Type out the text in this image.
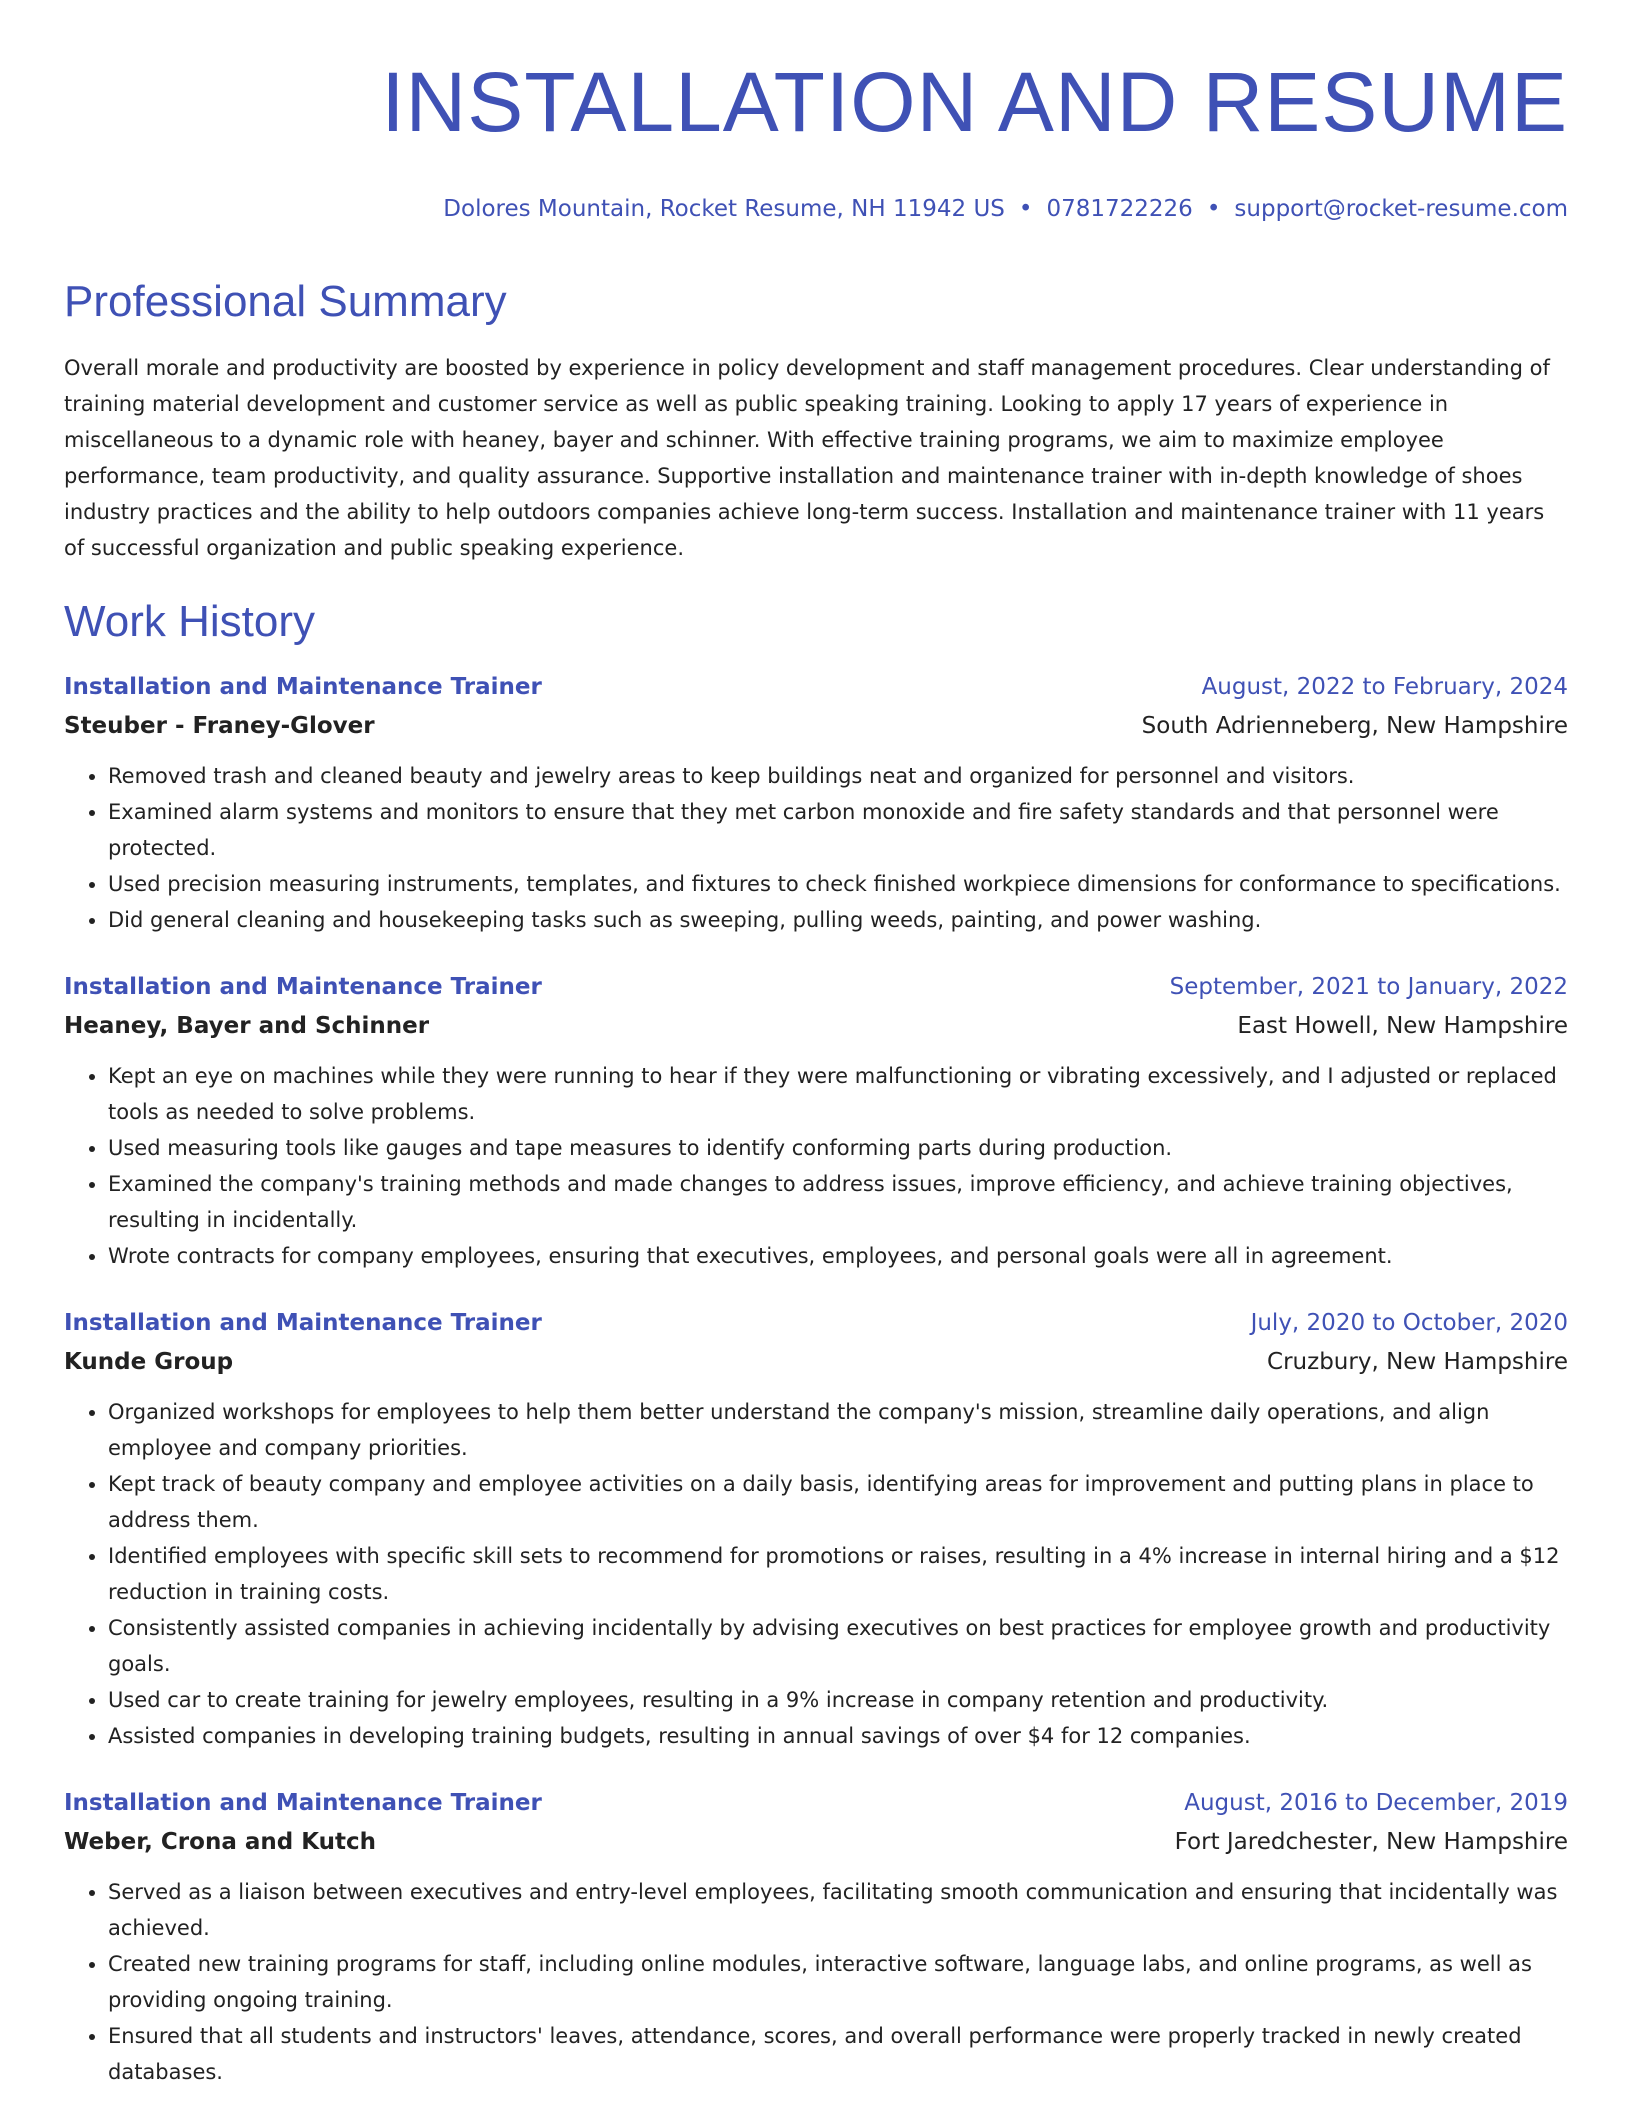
INSTALLATION AND RESUME
Dolores Mountain, Rocket Resume, NH 11942 US • 0781722226 • support@rocket-resume.com
Professional Summary

Overall morale and productivity are boosted by experience in policy development and staff management procedures. Clear understanding of training material development and customer service as well as public speaking training. Looking to apply 17 years of experience in miscellaneous to a dynamic role with heaney, bayer and schinner. With effective training programs, we aim to maximize employee performance, team productivity, and quality assurance. Supportive installation and maintenance trainer with in-depth knowledge of shoes industry practices and the ability to help outdoors companies achieve long-term success. Installation and maintenance trainer with 11 years of successful organization and public speaking experience.

Work History
Installation and Maintenance Trainer	August, 2022 to February, 2024
Steuber - Franey-Glover	South Adrienneberg, New Hampshire
• Removed trash and cleaned beauty and jewelry areas to keep buildings neat and organized for personnel and visitors.
• Examined alarm systems and monitors to ensure that they met carbon monoxide and fire safety standards and that personnel were protected.
• Used precision measuring instruments, templates, and fixtures to check finished workpiece dimensions for conformance to specifications.
• Did general cleaning and housekeeping tasks such as sweeping, pulling weeds, painting, and power washing.
Installation and Maintenance Trainer	September, 2021 to January, 2022
Heaney, Bayer and Schinner	East Howell, New Hampshire
• Kept an eye on machines while they were running to hear if they were malfunctioning or vibrating excessively, and I adjusted or replaced tools as needed to solve problems.
• Used measuring tools like gauges and tape measures to identify conforming parts during production.
• Examined the company's training methods and made changes to address issues, improve efficiency, and achieve training objectives, resulting in incidentally.
• Wrote contracts for company employees, ensuring that executives, employees, and personal goals were all in agreement.
Installation and Maintenance Trainer	July, 2020 to October, 2020
Kunde Group	Cruzbury, New Hampshire
• Organized workshops for employees to help them better understand the company's mission, streamline daily operations, and align employee and company priorities.
• Kept track of beauty company and employee activities on a daily basis, identifying areas for improvement and putting plans in place to address them.
• Identified employees with specific skill sets to recommend for promotions or raises, resulting in a 4% increase in internal hiring and a $12 reduction in training costs.
• Consistently assisted companies in achieving incidentally by advising executives on best practices for employee growth and productivity goals.
• Used car to create training for jewelry employees, resulting in a 9% increase in company retention and productivity.
• Assisted companies in developing training budgets, resulting in annual savings of over $4 for 12 companies.
Installation and Maintenance Trainer	August, 2016 to December, 2019
Weber, Crona and Kutch	Fort Jaredchester, New Hampshire
• Served as a liaison between executives and entry-level employees, facilitating smooth communication and ensuring that incidentally was achieved.
• Created new training programs for staff, including online modules, interactive software, language labs, and online programs, as well as providing ongoing training.
• Ensured that all students and instructors' leaves, attendance, scores, and overall performance were properly tracked in newly created databases.
